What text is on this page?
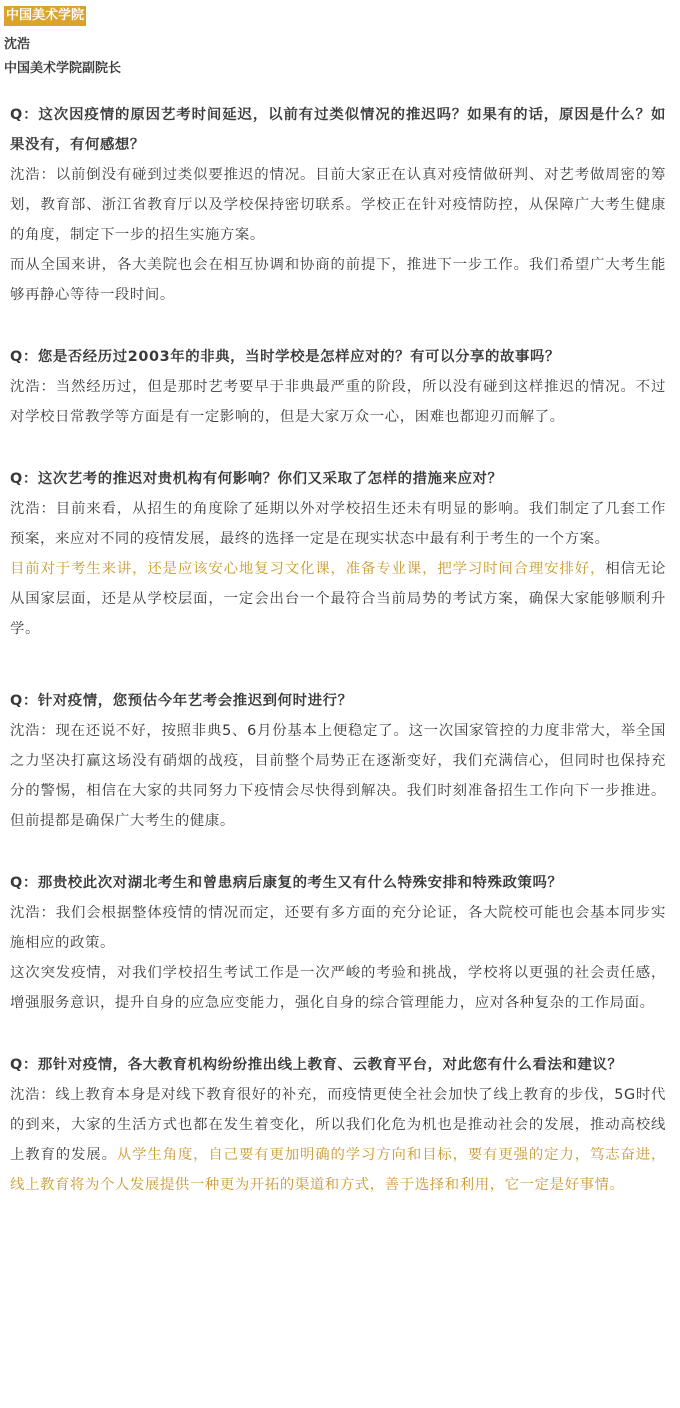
中国美术学院
沈浩
中国美术学院副院长
Q：这次因疫情的原因艺考时间延迟，以前有过类似情况的推迟吗？如果有的话，原因是什么？如果没有，有何感想？
沈浩：以前倒没有碰到过类似要推迟的情况。目前大家正在认真对疫情做研判、对艺考做周密的筹划，教育部、浙江省教育厅以及学校保持密切联系。学校正在针对疫情防控，从保障广大考生健康的角度，制定下一步的招生实施方案。
而从全国来讲，各大美院也会在相互协调和协商的前提下，推进下一步工作。我们希望广大考生能够再静心等待一段时间。
Q：您是否经历过2003年的非典，当时学校是怎样应对的？有可以分享的故事吗？
沈浩：当然经历过，但是那时艺考要早于非典最严重的阶段，所以没有碰到这样推迟的情况。不过对学校日常教学等方面是有一定影响的，但是大家万众一心，困难也都迎刃而解了。
Q：这次艺考的推迟对贵机构有何影响？你们又采取了怎样的措施来应对？
沈浩：目前来看，从招生的角度除了延期以外对学校招生还未有明显的影响。我们制定了几套工作预案，来应对不同的疫情发展，最终的选择一定是在现实状态中最有利于考生的一个方案。
目前对于考生来讲，还是应该安心地复习文化课，准备专业课，把学习时间合理安排好，相信无论从国家层面，还是从学校层面，一定会出台一个最符合当前局势的考试方案，确保大家能够顺利升学。
Q：针对疫情，您预估今年艺考会推迟到何时进行？
沈浩：现在还说不好，按照非典5、6月份基本上便稳定了。这一次国家管控的力度非常大，举全国之力坚决打赢这场没有硝烟的战疫，目前整个局势正在逐渐变好，我们充满信心，但同时也保持充分的警惕，相信在大家的共同努力下疫情会尽快得到解决。我们时刻准备招生工作向下一步推进。但前提都是确保广大考生的健康。
Q：那贵校此次对湖北考生和曾患病后康复的考生又有什么特殊安排和特殊政策吗？
沈浩：我们会根据整体疫情的情况而定，还要有多方面的充分论证，各大院校可能也会基本同步实施相应的政策。
这次突发疫情，对我们学校招生考试工作是一次严峻的考验和挑战，学校将以更强的社会责任感，增强服务意识，提升自身的应急应变能力，强化自身的综合管理能力，应对各种复杂的工作局面。
Q：那针对疫情，各大教育机构纷纷推出线上教育、云教育平台，对此您有什么看法和建议？
沈浩：线上教育本身是对线下教育很好的补充，而疫情更使全社会加快了线上教育的步伐，5G时代的到来，大家的生活方式也都在发生着变化，所以我们化危为机也是推动社会的发展，推动高校线上教育的发展。从学生角度，自己要有更加明确的学习方向和目标，要有更强的定力，笃志奋进，线上教育将为个人发展提供一种更为开拓的渠道和方式，善于选择和利用，它一定是好事情。
